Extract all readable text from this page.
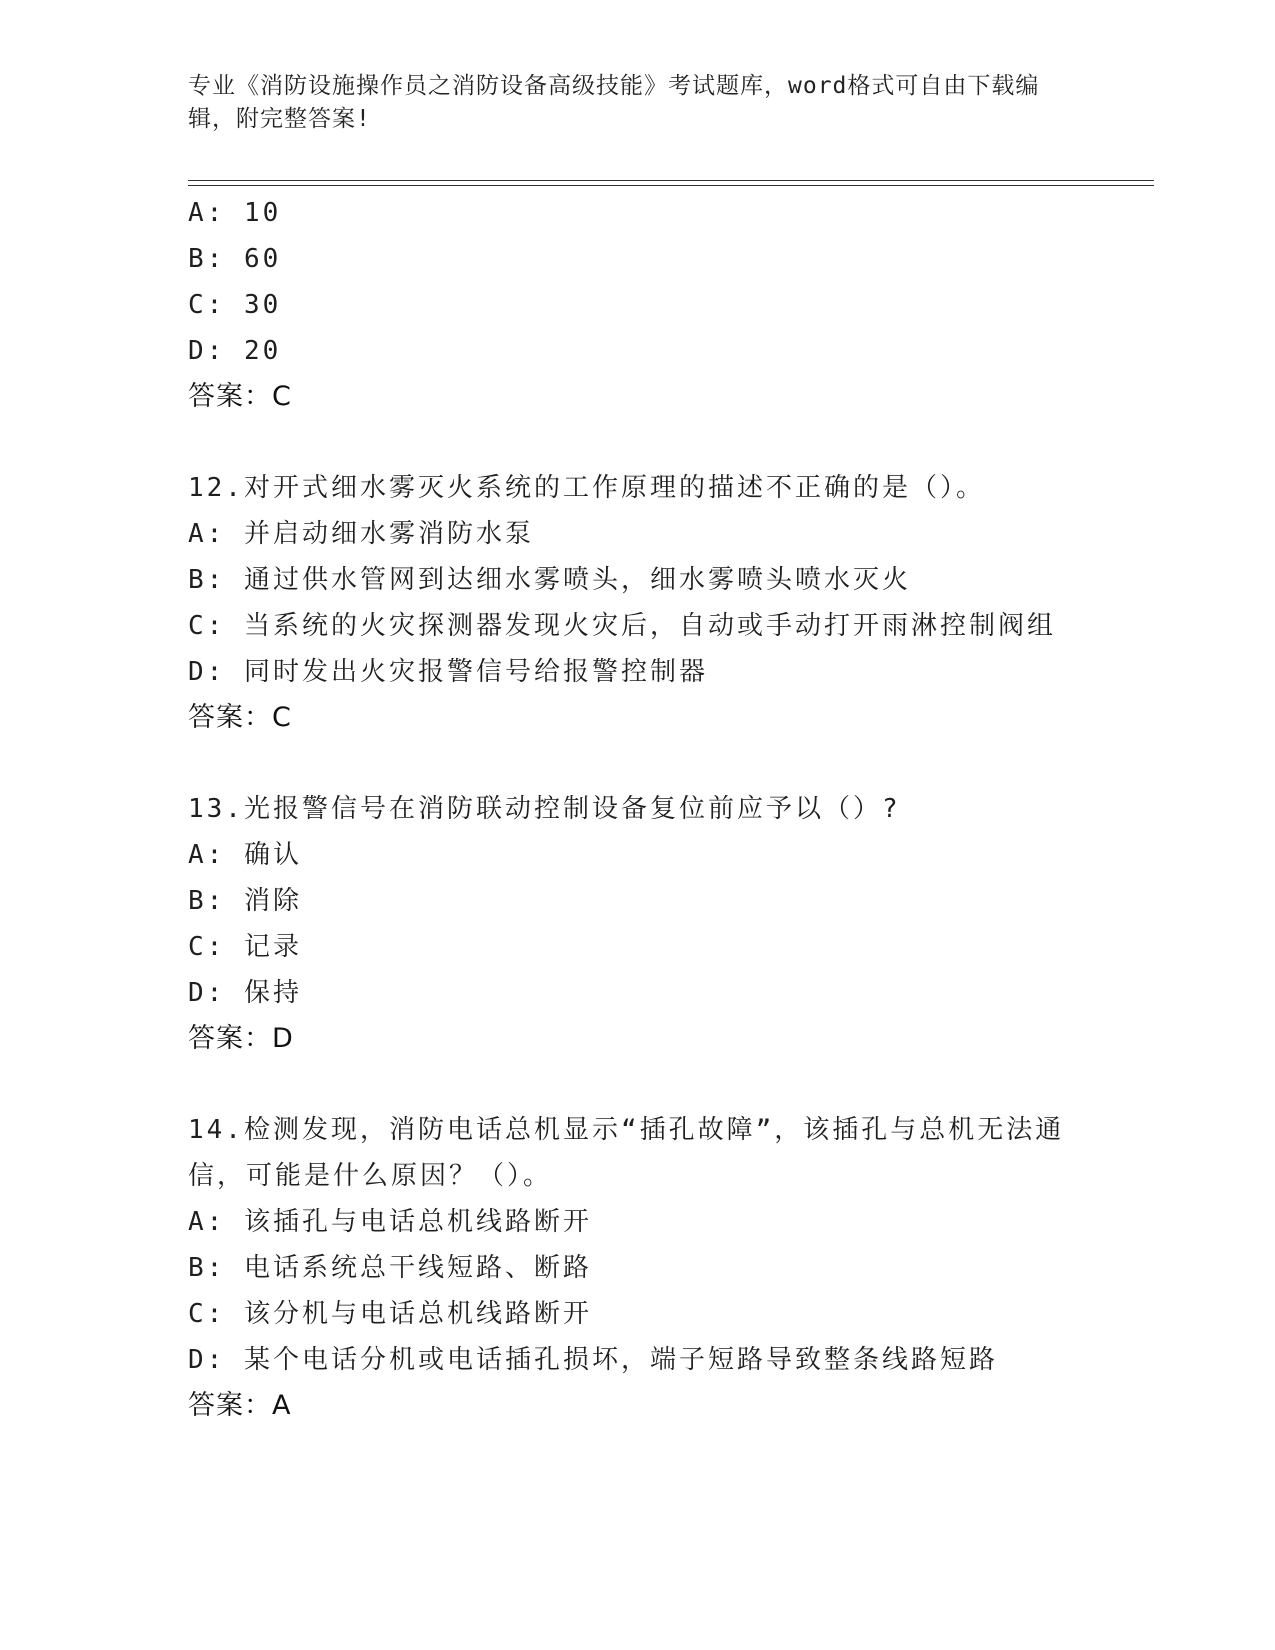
专业《消防设施操作员之消防设备高级技能》考试题库，word格式可自由下载编辑，附完整答案!
A: 10
B: 60
C: 30
D: 20
答案：C
12.对开式细水雾灭火系统的工作原理的描述不正确的是（）。
A: 并启动细水雾消防水泵
B: 通过供水管网到达细水雾喷头，细水雾喷头喷水灭火
C: 当系统的火灾探测器发现火灾后，自动或手动打开雨淋控制阀组
D: 同时发出火灾报警信号给报警控制器
答案：C
13.光报警信号在消防联动控制设备复位前应予以（）?
A: 确认
B: 消除
C: 记录
D: 保持
答案：D
14.检测发现，消防电话总机显示“插孔故障”，该插孔与总机无法通信，可能是什么原因？（）。
A: 该插孔与电话总机线路断开
B: 电话系统总干线短路、断路
C: 该分机与电话总机线路断开
D: 某个电话分机或电话插孔损坏，端子短路导致整条线路短路
答案：A
